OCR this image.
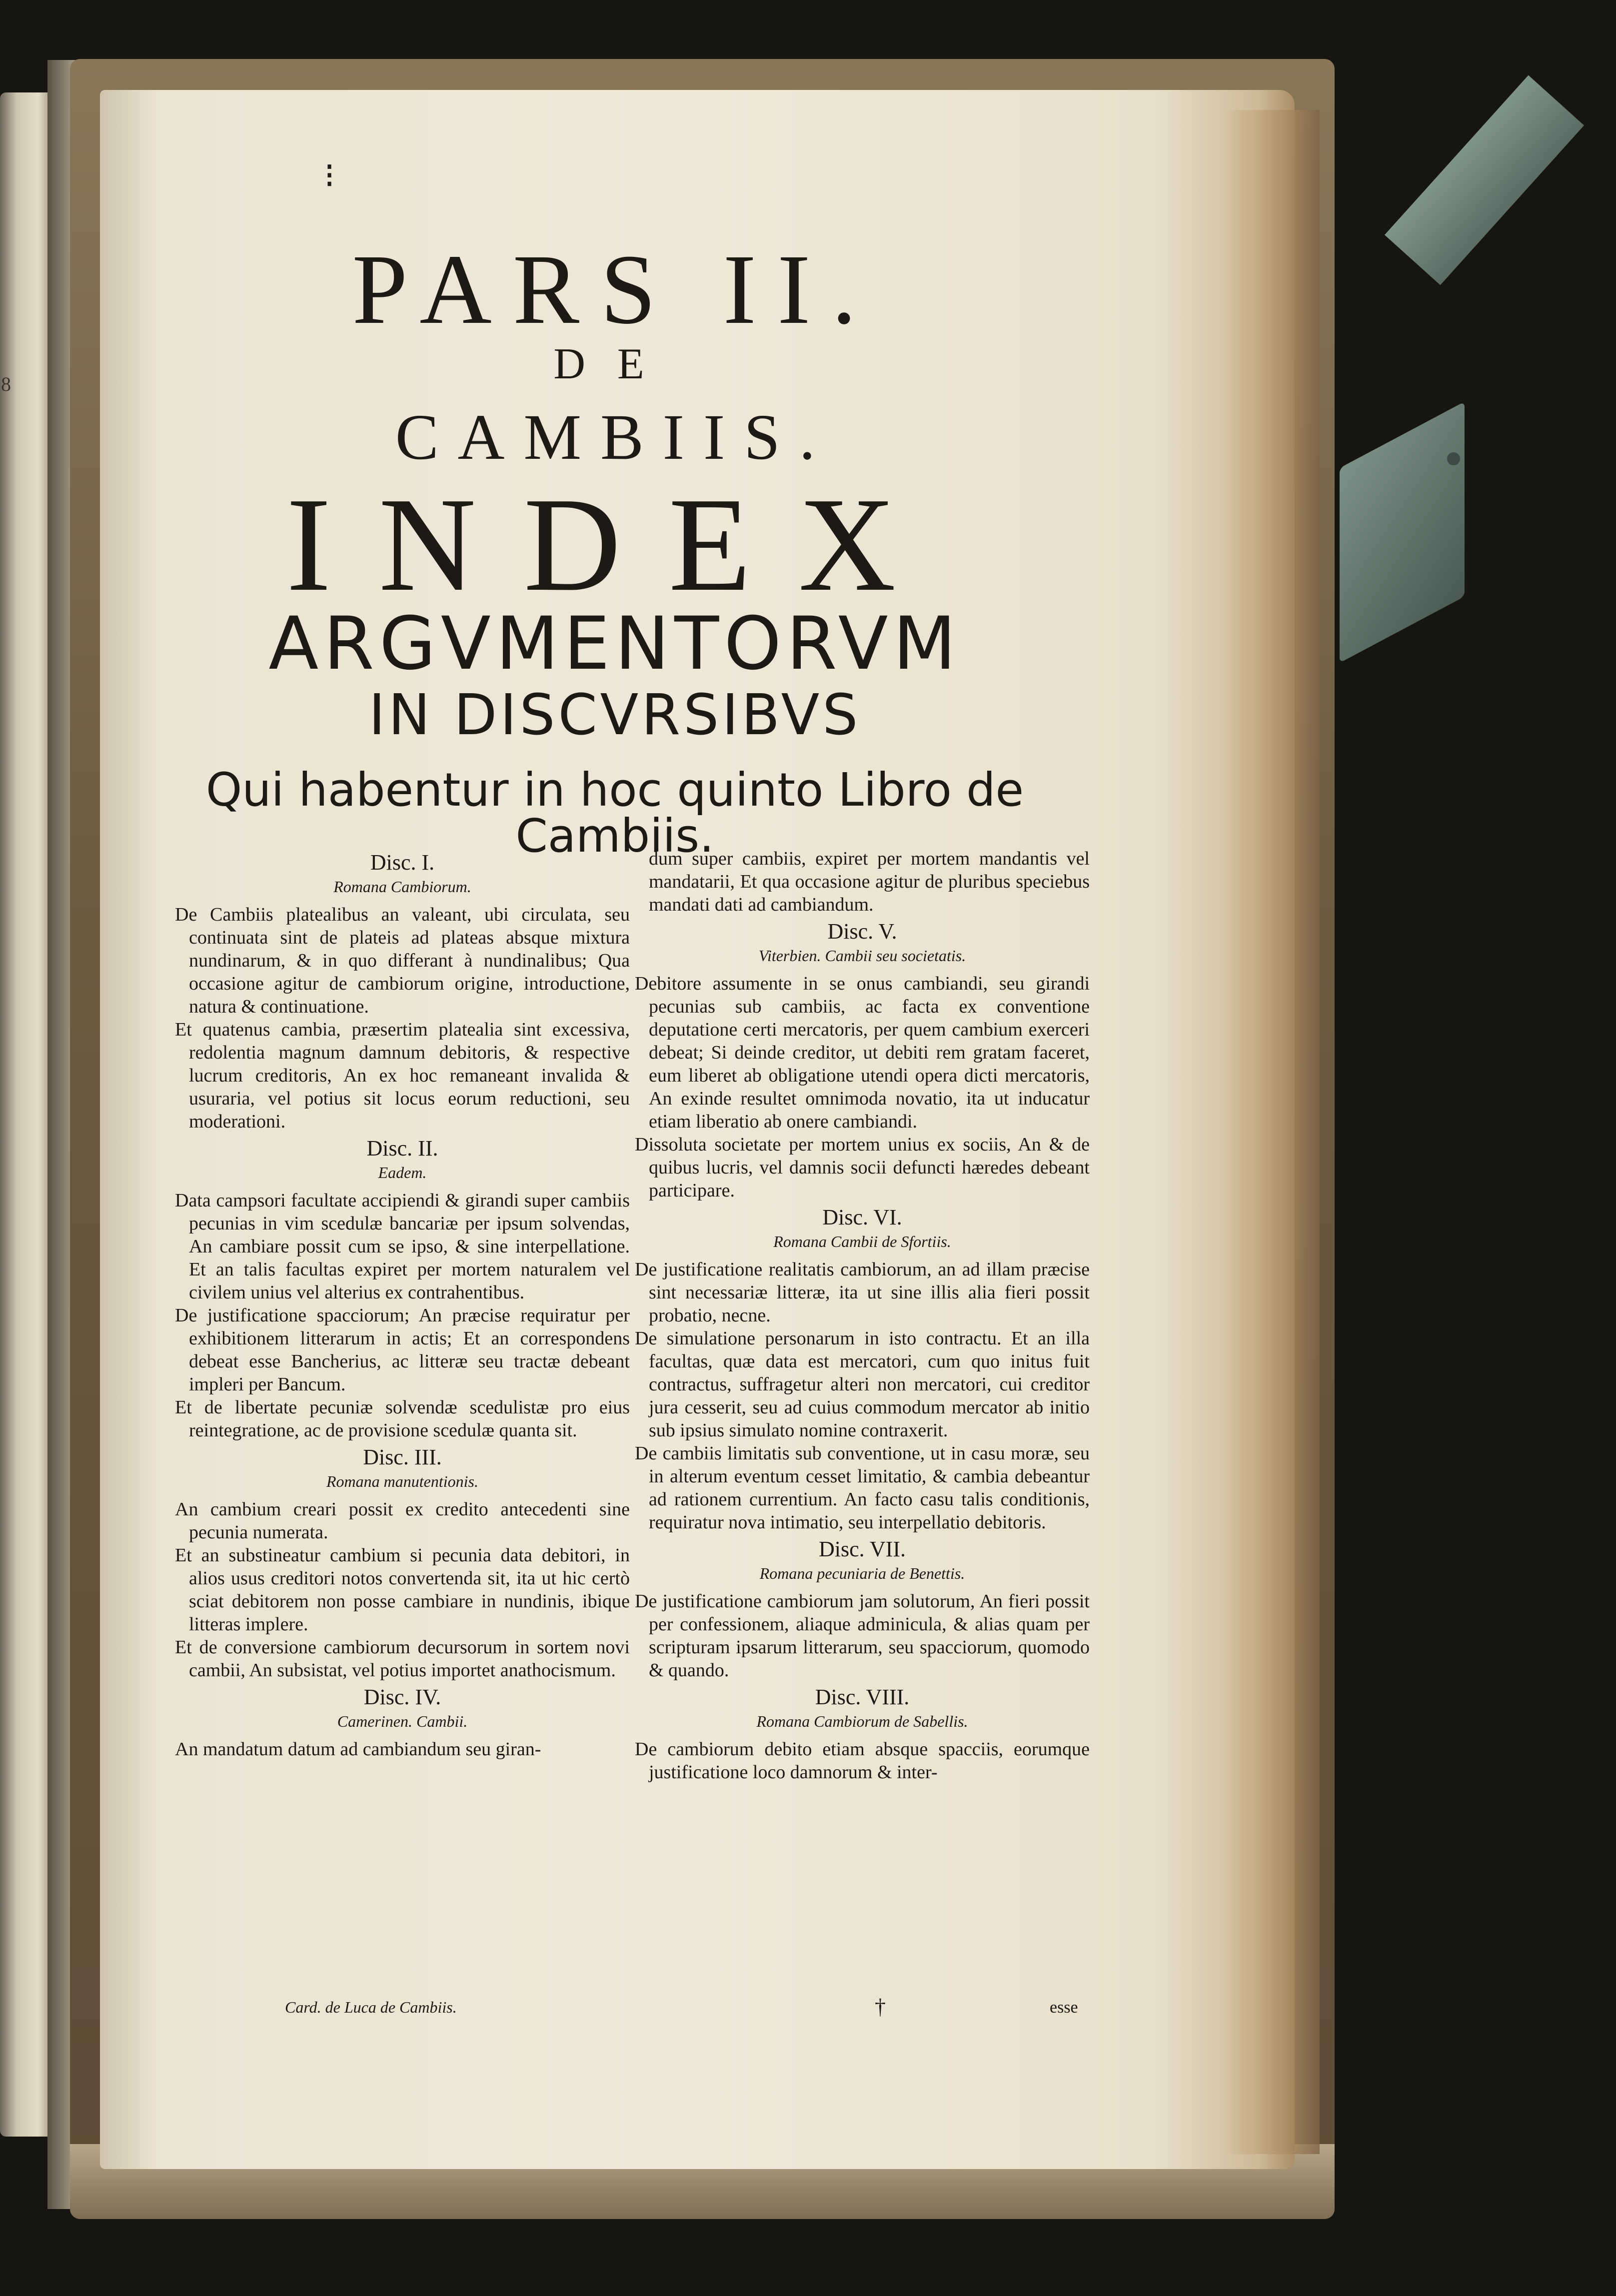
8
⁝
PARS II.
DE
CAMBIIS.
INDEX
ARGVMENTORVM
IN DISCVRSIBVS
Qui habentur in hoc quinto Libro de Cambiis.
Disc. I.
Romana Cambiorum.

De Cambiis platealibus an valeant, ubi circulata, seu continuata sint de plateis ad plateas absque mixtura nundinarum, & in quo differant à nundinalibus; Qua occasione agitur de cambiorum origine, introductione, natura & continuatione.

Et quatenus cambia, præsertim platealia sint excessiva, redolentia magnum damnum debitoris, & respective lucrum creditoris, An ex hoc remaneant invalida & usuraria, vel potius sit locus eorum reductioni, seu moderationi.

Disc. II.
Eadem.

Data campsori facultate accipiendi & girandi super cambiis pecunias in vim scedulæ bancariæ per ipsum solvendas, An cambiare possit cum se ipso, & sine interpellatione. Et an talis facultas expiret per mortem naturalem vel civilem unius vel alterius ex contrahentibus.

De justificatione spacciorum; An præcise requiratur per exhibitionem litterarum in actis; Et an correspondens debeat esse Bancherius, ac litteræ seu tractæ debeant impleri per Bancum.

Et de libertate pecuniæ solvendæ scedulistæ pro eius reintegratione, ac de provisione scedulæ quanta sit.

Disc. III.
Romana manutentionis.

An cambium creari possit ex credito antecedenti sine pecunia numerata.

Et an substineatur cambium si pecunia data debitori, in alios usus creditori notos convertenda sit, ita ut hic certò sciat debitorem non posse cambiare in nundinis, ibique litteras implere.

Et de conversione cambiorum decursorum in sortem novi cambii, An subsistat, vel potius importet anathocismum.

Disc. IV.
Camerinen. Cambii.

An mandatum datum ad cambiandum seu giran-

dum super cambiis, expiret per mortem mandantis vel mandatarii, Et qua occasione agitur de pluribus speciebus mandati dati ad cambiandum.

Disc. V.
Viterbien. Cambii seu societatis.

Debitore assumente in se onus cambiandi, seu girandi pecunias sub cambiis, ac facta ex conventione deputatione certi mercatoris, per quem cambium exerceri debeat; Si deinde creditor, ut debiti rem gratam faceret, eum liberet ab obligatione utendi opera dicti mercatoris, An exinde resultet omnimoda novatio, ita ut inducatur etiam liberatio ab onere cambiandi.

Dissoluta societate per mortem unius ex sociis, An & de quibus lucris, vel damnis socii defuncti hæredes debeant participare.

Disc. VI.
Romana Cambii de Sfortiis.

De justificatione realitatis cambiorum, an ad illam præcise sint necessariæ litteræ, ita ut sine illis alia fieri possit probatio, necne.

De simulatione personarum in isto contractu. Et an illa facultas, quæ data est mercatori, cum quo initus fuit contractus, suffragetur alteri non mercatori, cui creditor jura cesserit, seu ad cuius commodum mercator ab initio sub ipsius simulato nomine contraxerit.

De cambiis limitatis sub conventione, ut in casu moræ, seu in alterum eventum cesset limitatio, & cambia debeantur ad rationem currentium. An facto casu talis conditionis, requiratur nova intimatio, seu interpellatio debitoris.

Disc. VII.
Romana pecuniaria de Benettis.

De justificatione cambiorum jam solutorum, An fieri possit per confessionem, aliaque adminicula, & alias quam per scripturam ipsarum litterarum, seu spacciorum, quomodo & quando.

Disc. VIII.
Romana Cambiorum de Sabellis.

De cambiorum debito etiam absque spacciis, eorumque justificatione loco damnorum & inter-

Card. de Luca de Cambiis.	†	esse
